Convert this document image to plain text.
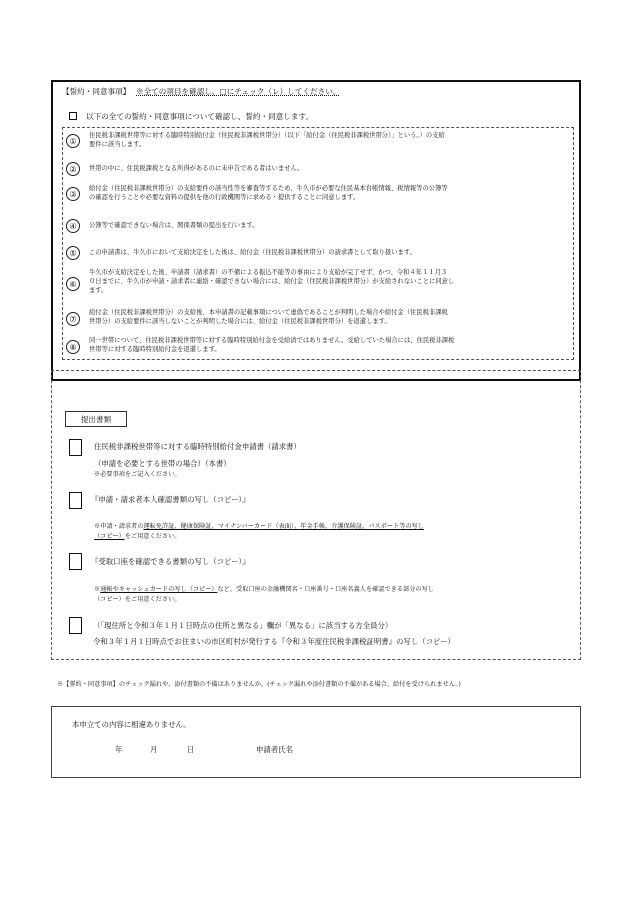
【誓約・同意事項】 ※全ての項目を確認し、□にチェック（レ）してください。
以下の全ての誓約・同意事項について確認し、誓約・同意します。
①
住民税非課税世帯等に対する臨時特別給付金（住民税非課税世帯分）（以下「給付金（住民税非課税世帯分）」という。）の支給
要件に該当します。
②	世帯の中に、住民税課税となる所得があるのに未申告である者はいません。
③
給付金（住民税非課税世帯分）の支給要件の該当性等を審査等するため、牛久市が必要な住民基本台帳情報、税情報等の公簿等
の確認を行うことや必要な資料の提供を他の行政機関等に求める・提供することに同意します。
④	公簿等で確認できない場合は、関係書類の提出を行います。
⑤	この申請書は、牛久市において支給決定をした後は、給付金（住民税非課税世帯分）の請求書として取り扱います。
⑥
牛久市が支給決定をした後、申請書（請求書）の不備による振込不能等の事由により支給が完了せず、かつ、令和４年１１月３
０日までに、牛久市が申請・請求者に連絡・確認できない場合には、給付金（住民税非課税世帯分）が支給されないことに同意し
ます。
⑦
給付金（住民税非課税世帯分）の支給後、本申請書の記載事項について虚偽であることが判明した場合や給付金（住民税非課税
世帯分）の支給要件に該当しないことが判明した場合には、給付金（住民税非課税世帯分）を返還します。
⑧
同一世帯について、住民税非課税世帯等に対する臨時特別給付金を受給済ではありません。受給していた場合には、住民税非課税
世帯等に対する臨時特別給付金を返還します。
提出書類
住民税非課税世帯等に対する臨時特別給付金申請書（請求書）
（申請を必要とする世帯の場合）（本書）
※必要事項をご記入ください。
『申請・請求者本人確認書類の写し（コピー）』
※申請・請求者の運転免許証、健康保険証、マイナンバーカード（表面）、年金手帳、介護保険証、パスポート等の写し
（コピー）をご用意ください。
『受取口座を確認できる書類の写し（コピー）』
※通帳やキャッシュカードの写し（コピー）など、受取口座の金融機関名・口座番号・口座名義人を確認できる部分の写し
（コピー）をご用意ください。
（「現住所と令和３年１月１日時点の住所と異なる」欄が「異なる」に該当する方全員分）
令和３年１月１日時点でお住まいの市区町村が発行する『令和３年度住民税非課税証明書』の写し（コピー）
※【誓約・同意事項】のチェック漏れや、添付書類の不備はありませんか。(チェック漏れや添付書類の不備がある場合、給付を受けられません。)
本申立ての内容に相違ありません。
年	月	日	申請者氏名
